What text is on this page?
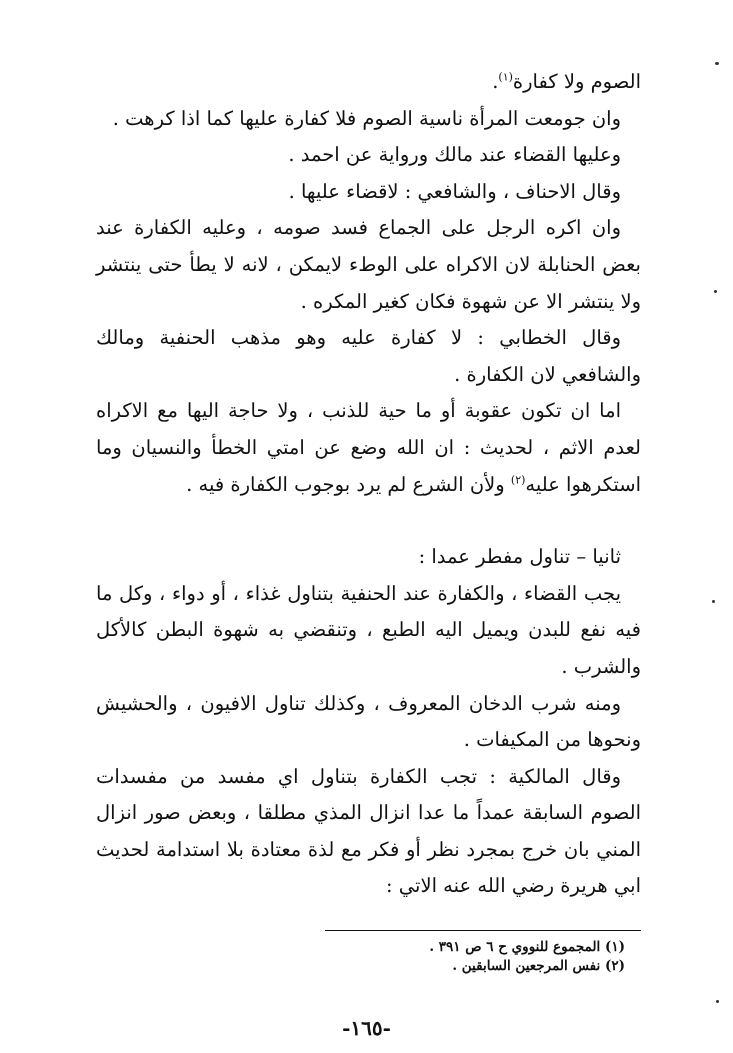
الصوم ولا كفارة$^{(١)}$.

وان جومعت المرأة ناسية الصوم فلا كفارة عليها كما اذا كرهت .

وعليها القضاء عند مالك ورواية عن احمد .

وقال الاحناف ، والشافعي : لاقضاء عليها .

وان اكره الرجل على الجماع فسد صومه ، وعليه الكفارة عند بعض الحنابلة لان الاكراه على الوطء لايمكن ، لانه لا يطأ حتى ينتشر ولا ينتشر الا عن شهوة فكان كغير المكره .

وقال الخطابي : لا كفارة عليه وهو مذهب الحنفية ومالك والشافعي لان الكفارة .

اما ان تكون عقوبة أو ما حية للذنب ، ولا حاجة اليها مع الاكراه لعدم الاثم ، لحديث : ان الله وضع عن امتي الخطأ والنسيان وما استكرهوا عليه$^{(٢)}$ ولأن الشرع لم يرد بوجوب الكفارة فيه .

ثانيا – تناول مفطر عمدا :

يجب القضاء ، والكفارة عند الحنفية بتناول غذاء ، أو دواء ، وكل ما فيه نفع للبدن ويميل اليه الطبع ، وتنقضي به شهوة البطن كالأكل والشرب .

ومنه شرب الدخان المعروف ، وكذلك تناول الافيون ، والحشيش ونحوها من المكيفات .

وقال المالكية : تجب الكفارة بتناول اي مفسد من مفسدات الصوم السابقة عمداً ما عدا انزال المذي مطلقا ، وبعض صور انزال المني بان خرج بمجرد نظر أو فكر مع لذة معتادة بلا استدامة لحديث ابي هريرة رضي الله عنه الاتي :

(١) المجموع للنووي ح ٦ ص ٣٩١ .

(٢) نفس المرجعين السابقين .

-١٦٥-
